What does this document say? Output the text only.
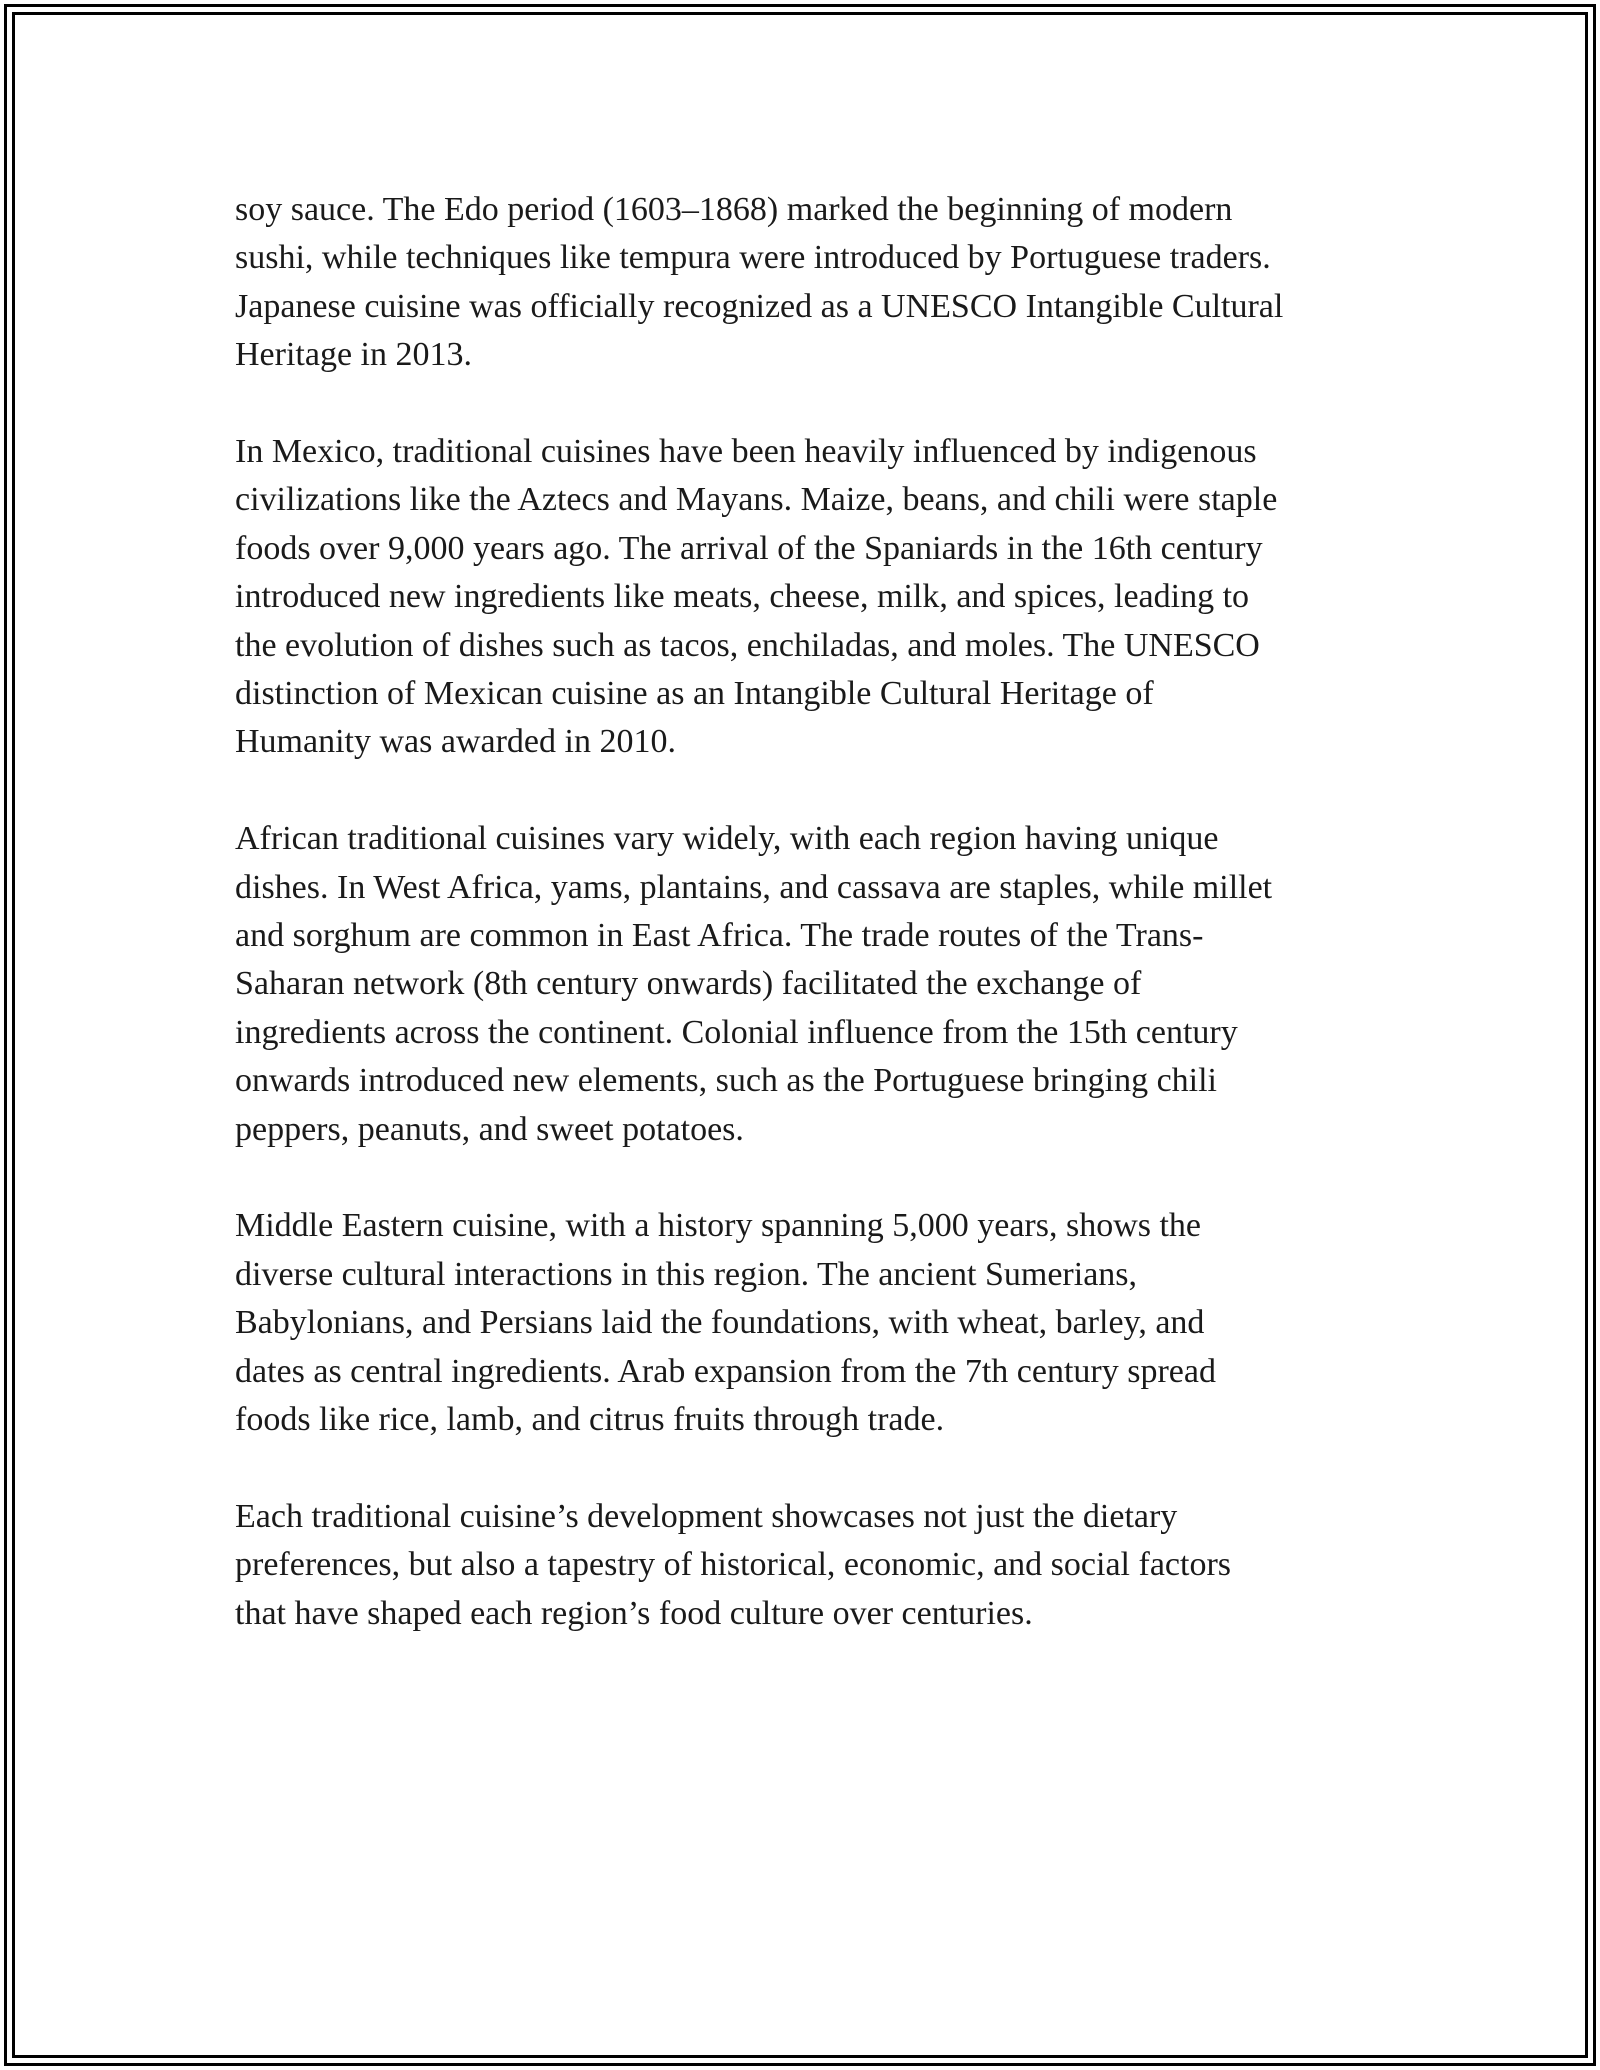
soy sauce. The Edo period (1603–1868) marked the beginning of modern
sushi, while techniques like tempura were introduced by Portuguese traders.
Japanese cuisine was officially recognized as a UNESCO Intangible Cultural
Heritage in 2013.

In Mexico, traditional cuisines have been heavily influenced by indigenous
civilizations like the Aztecs and Mayans. Maize, beans, and chili were staple
foods over 9,000 years ago. The arrival of the Spaniards in the 16th century
introduced new ingredients like meats, cheese, milk, and spices, leading to
the evolution of dishes such as tacos, enchiladas, and moles. The UNESCO
distinction of Mexican cuisine as an Intangible Cultural Heritage of
Humanity was awarded in 2010.

African traditional cuisines vary widely, with each region having unique
dishes. In West Africa, yams, plantains, and cassava are staples, while millet
and sorghum are common in East Africa. The trade routes of the Trans-
Saharan network (8th century onwards) facilitated the exchange of
ingredients across the continent. Colonial influence from the 15th century
onwards introduced new elements, such as the Portuguese bringing chili
peppers, peanuts, and sweet potatoes.

Middle Eastern cuisine, with a history spanning 5,000 years, shows the
diverse cultural interactions in this region. The ancient Sumerians,
Babylonians, and Persians laid the foundations, with wheat, barley, and
dates as central ingredients. Arab expansion from the 7th century spread
foods like rice, lamb, and citrus fruits through trade.

Each traditional cuisine’s development showcases not just the dietary
preferences, but also a tapestry of historical, economic, and social factors
that have shaped each region’s food culture over centuries.
